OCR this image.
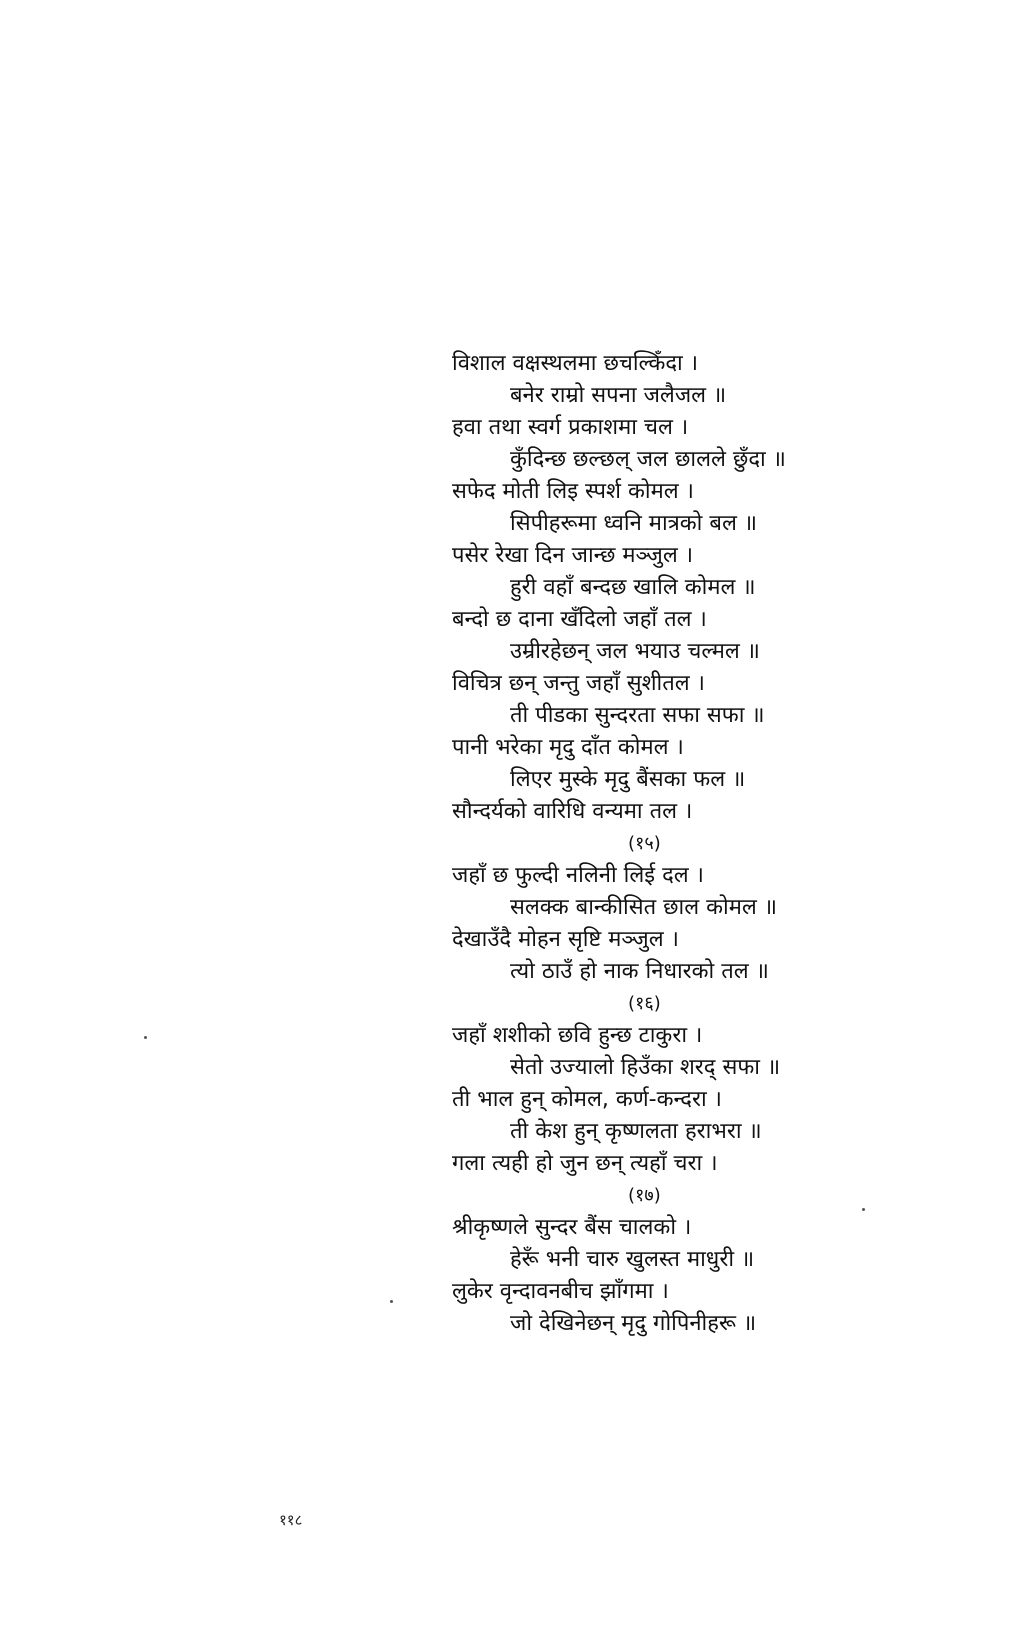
विशाल वक्षस्थलमा छचल्किँदा ।
बनेर राम्रो सपना जलैजल ॥
हवा तथा स्वर्ग प्रकाशमा चल ।
कुँदिन्छ छल्छल् जल छालले छुँदा ॥
सफेद मोती लिइ स्पर्श कोमल ।
सिपीहरूमा ध्वनि मात्रको बल ॥
पसेर रेखा दिन जान्छ मञ्जुल ।
हुरी वहाँ बन्दछ खालि कोमल ॥
बन्दो छ दाना खँदिलो जहाँ तल ।
उम्रीरहेछन् जल भयाउ चल्मल ॥
विचित्र छन् जन्तु जहाँ सुशीतल ।
ती पीडका सुन्दरता सफा सफा ॥
पानी भरेका मृदु दाँत कोमल ।
लिएर मुस्के मृदु बैंसका फल ॥
सौन्दर्यको वारिधि वन्यमा तल ।
(१५)
जहाँ छ फुल्दी नलिनी लिई दल ।
सलक्क बान्कीसित छाल कोमल ॥
देखाउँदै मोहन सृष्टि मञ्जुल ।
त्यो ठाउँ हो नाक निधारको तल ॥
(१६)
जहाँ शशीको छवि हुन्छ टाकुरा ।
सेतो उज्यालो हिउँका शरद् सफा ॥
ती भाल हुन् कोमल, कर्ण-कन्दरा ।
ती केश हुन् कृष्णलता हराभरा ॥
गला त्यही हो जुन छन् त्यहाँ चरा ।
(१७)
श्रीकृष्णले सुन्दर बैंस चालको ।
हेरूँ भनी चारु खुलस्त माधुरी ॥
लुकेर वृन्दावनबीच झाँगमा ।
जो देखिनेछन् मृदु गोपिनीहरू ॥
११८
